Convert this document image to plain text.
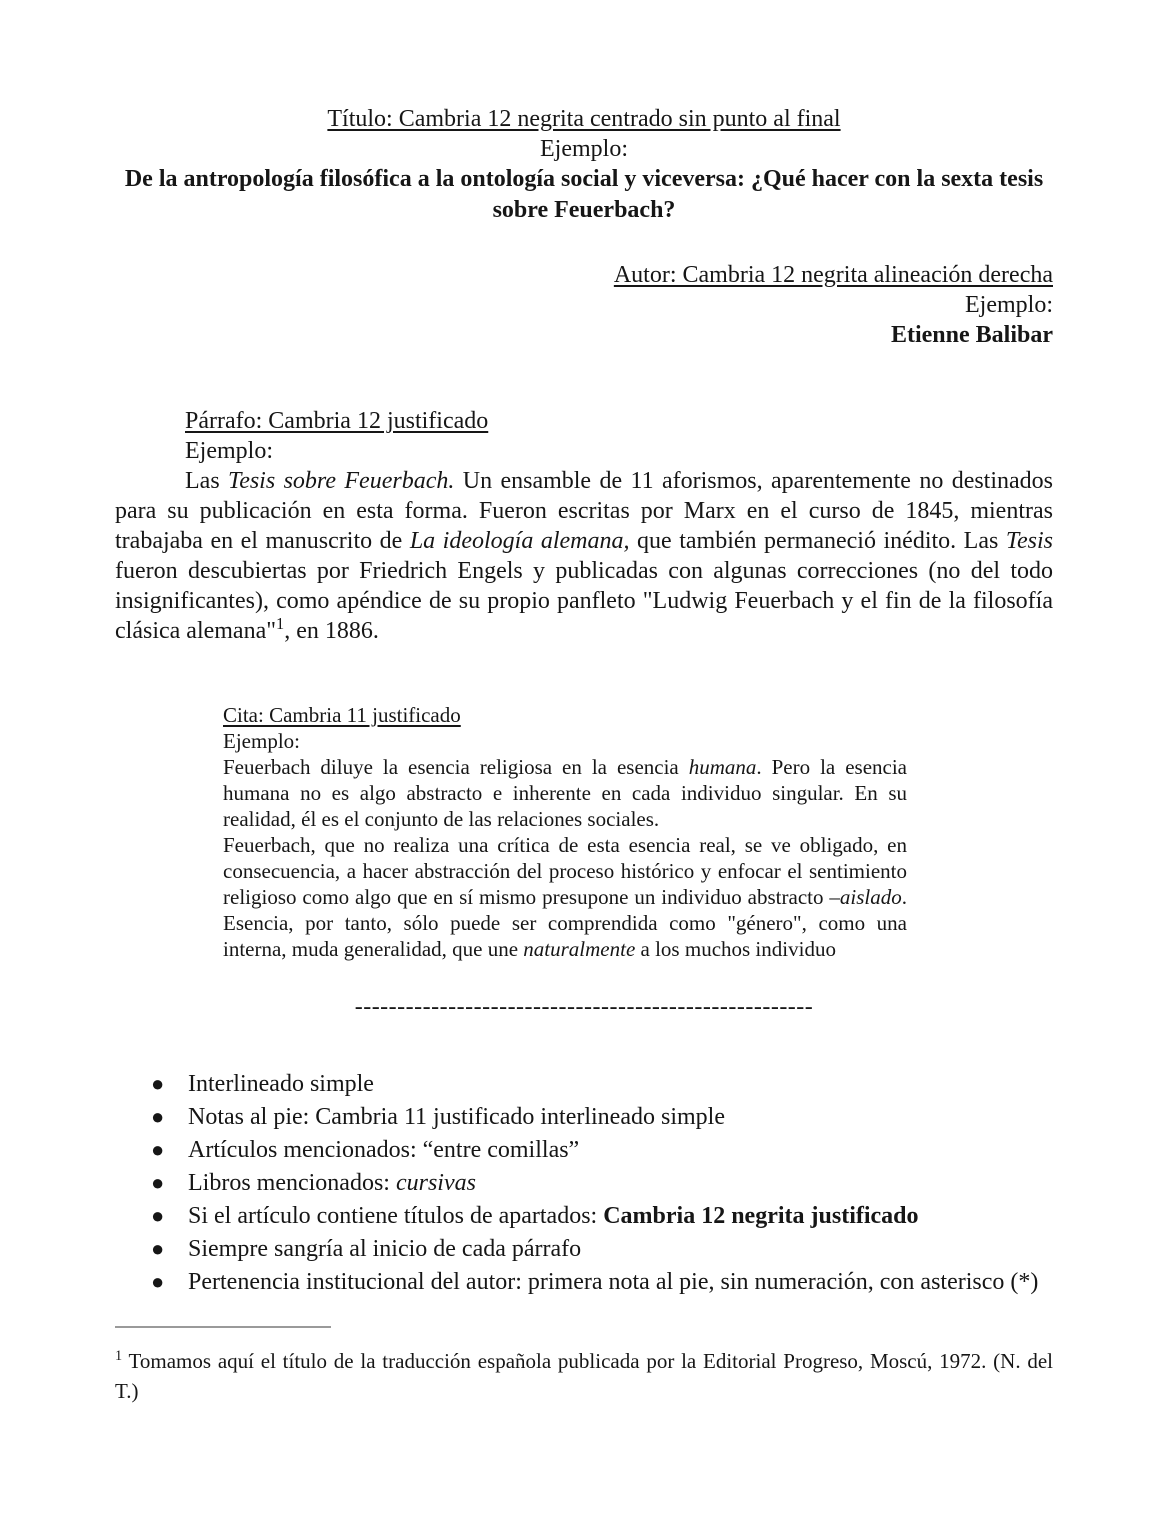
Título: Cambria 12 negrita centrado sin punto al final
Ejemplo:
De la antropología filosófica a la ontología social y viceversa: ¿Qué hacer con la sexta tesis sobre Feuerbach?
Autor: Cambria 12 negrita alineación derecha
Ejemplo:
Etienne Balibar
Párrafo: Cambria 12 justificado
Ejemplo:

Las Tesis sobre Feuerbach. Un ensamble de 11 aforismos, aparentemente no destinados para su publicación en esta forma. Fueron escritas por Marx en el curso de 1845, mientras trabajaba en el manuscrito de La ideología alemana, que también permaneció inédito. Las Tesis fueron descubiertas por Friedrich Engels y publicadas con algunas correcciones (no del todo insignificantes), como apéndice de su propio panfleto "Ludwig Feuerbach y el fin de la filosofía clásica alemana"$^1$, en 1886.

Cita: Cambria 11 justificado
Ejemplo:

Feuerbach diluye la esencia religiosa en la esencia humana. Pero la esencia humana no es algo abstracto e inherente en cada individuo singular. En su realidad, él es el conjunto de las relaciones sociales.

Feuerbach, que no realiza una crítica de esta esencia real, se ve obligado, en consecuencia, a hacer abstracción del proceso histórico y enfocar el sentimiento religioso como algo que en sí mismo presupone un individuo abstracto –aislado. Esencia, por tanto, sólo puede ser comprendida como "género", como una interna, muda generalidad, que une naturalmente a los muchos individuo

------------------------------------------------------
● Interlineado simple
● Notas al pie: Cambria 11 justificado interlineado simple
● Artículos mencionados: “entre comillas”
● Libros mencionados: cursivas
● Si el artículo contiene títulos de apartados: Cambria 12 negrita justificado
● Siempre sangría al inicio de cada párrafo
● Pertenencia institucional del autor: primera nota al pie, sin numeración, con asterisco (*)

$^1$ Tomamos aquí el título de la traducción española publicada por la Editorial Progreso, Moscú, 1972. (N. del T.)
